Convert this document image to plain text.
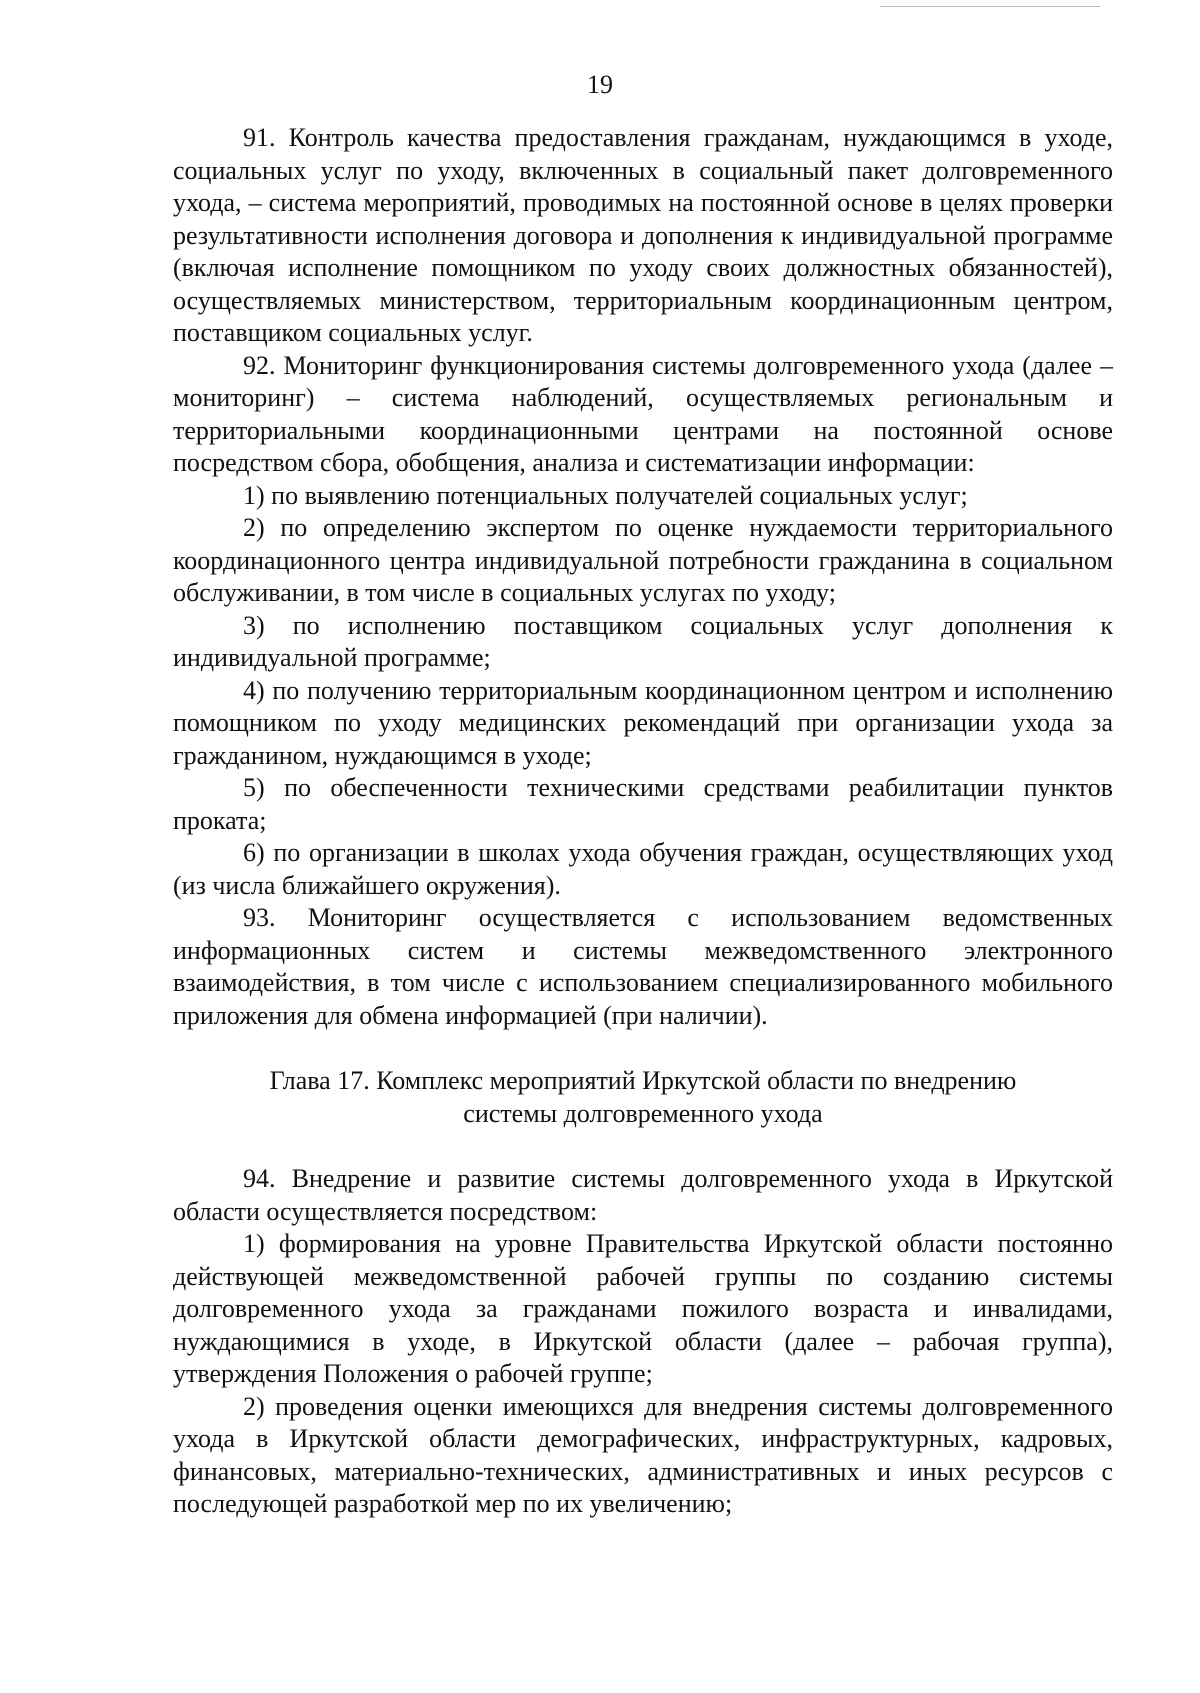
19

91. Контроль качества предоставления гражданам, нуждающимся в уходе, социальных услуг по уходу, включенных в социальный пакет долговременного ухода, – система мероприятий, проводимых на постоянной основе в целях проверки результативности исполнения договора и дополнения к индивидуальной программе (включая исполнение помощником по уходу своих должностных обязанностей), осуществляемых министерством, территориальным координационным центром, поставщиком социальных услуг.

92. Мониторинг функционирования системы долговременного ухода (далее – мониторинг) – система наблюдений, осуществляемых региональным и территориальными координационными центрами на постоянной основе посредством сбора, обобщения, анализа и систематизации информации:

1) по выявлению потенциальных получателей социальных услуг;

2) по определению экспертом по оценке нуждаемости территориального координационного центра индивидуальной потребности гражданина в социальном обслуживании, в том числе в социальных услугах по уходу;

3) по исполнению поставщиком социальных услуг дополнения к индивидуальной программе;

4) по получению территориальным координационном центром и исполнению помощником по уходу медицинских рекомендаций при организации ухода за гражданином, нуждающимся в уходе;

5) по обеспеченности техническими средствами реабилитации пунктов проката;

6) по организации в школах ухода обучения граждан, осуществляющих уход (из числа ближайшего окружения).

93. Мониторинг осуществляется с использованием ведомственных информационных систем и системы межведомственного электронного взаимодействия, в том числе с использованием специализированного мобильного приложения для обмена информацией (при наличии).

Глава 17. Комплекс мероприятий Иркутской области по внедрению

системы долговременного ухода

94. Внедрение и развитие системы долговременного ухода в Иркутской области осуществляется посредством:

1) формирования на уровне Правительства Иркутской области постоянно действующей межведомственной рабочей группы по созданию системы долговременного ухода за гражданами пожилого возраста и инвалидами, нуждающимися в уходе, в Иркутской области (далее – рабочая группа), утверждения Положения о рабочей группе;

2) проведения оценки имеющихся для внедрения системы долговременного ухода в Иркутской области демографических, инфраструктурных, кадровых, финансовых, материально-технических, административных и иных ресурсов с последующей разработкой мер по их увеличению;
